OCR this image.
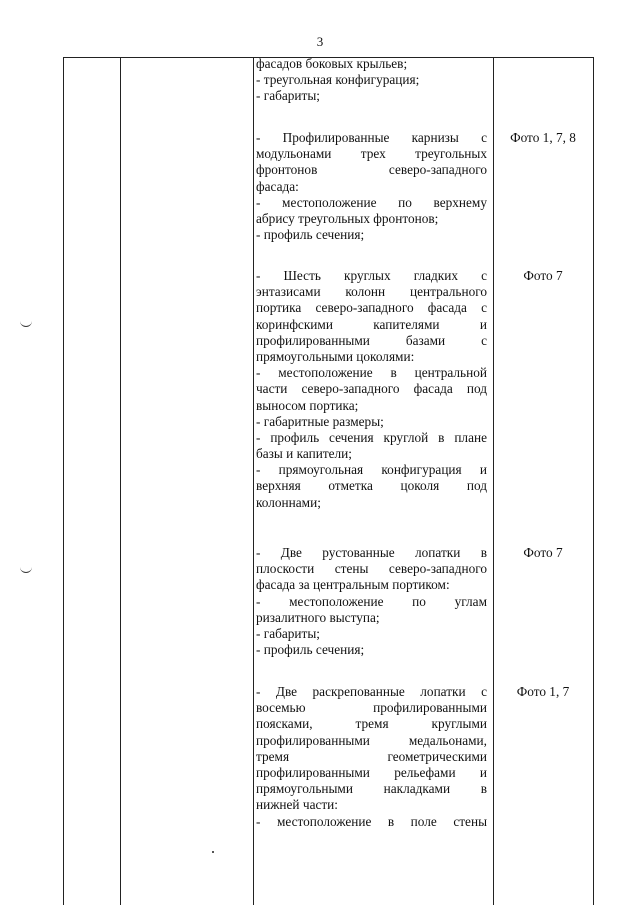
3
фасадов боковых крыльев;
- треугольная конфигурация;
- габариты;
- Профилированные карнизы с
модульонами трех треугольных
фронтонов северо-западного
фасада:
- местоположение по верхнему
абрису треугольных фронтонов;
- профиль сечения;
- Шесть круглых гладких с
энтазисами колонн центрального
портика северо-западного фасада с
коринфскими капителями и
профилированными базами с
прямоугольными цоколями:
- местоположение в центральной
части северо-западного фасада под
выносом портика;
- габаритные размеры;
- профиль сечения круглой в плане
базы и капители;
- прямоугольная конфигурация и
верхняя отметка цоколя под
колоннами;
- Две рустованные лопатки в
плоскости стены северо-западного
фасада за центральным портиком:
- местоположение по углам
ризалитного выступа;
- габариты;
- профиль сечения;
- Две раскрепованные лопатки с
восемью профилированными
поясками, тремя круглыми
профилированными медальонами,
тремя геометрическими
профилированными рельефами и
прямоугольными накладками в
нижней части:
- местоположение в поле стены
Фото 1, 7, 8
Фото 7
Фото 7
Фото 1, 7
